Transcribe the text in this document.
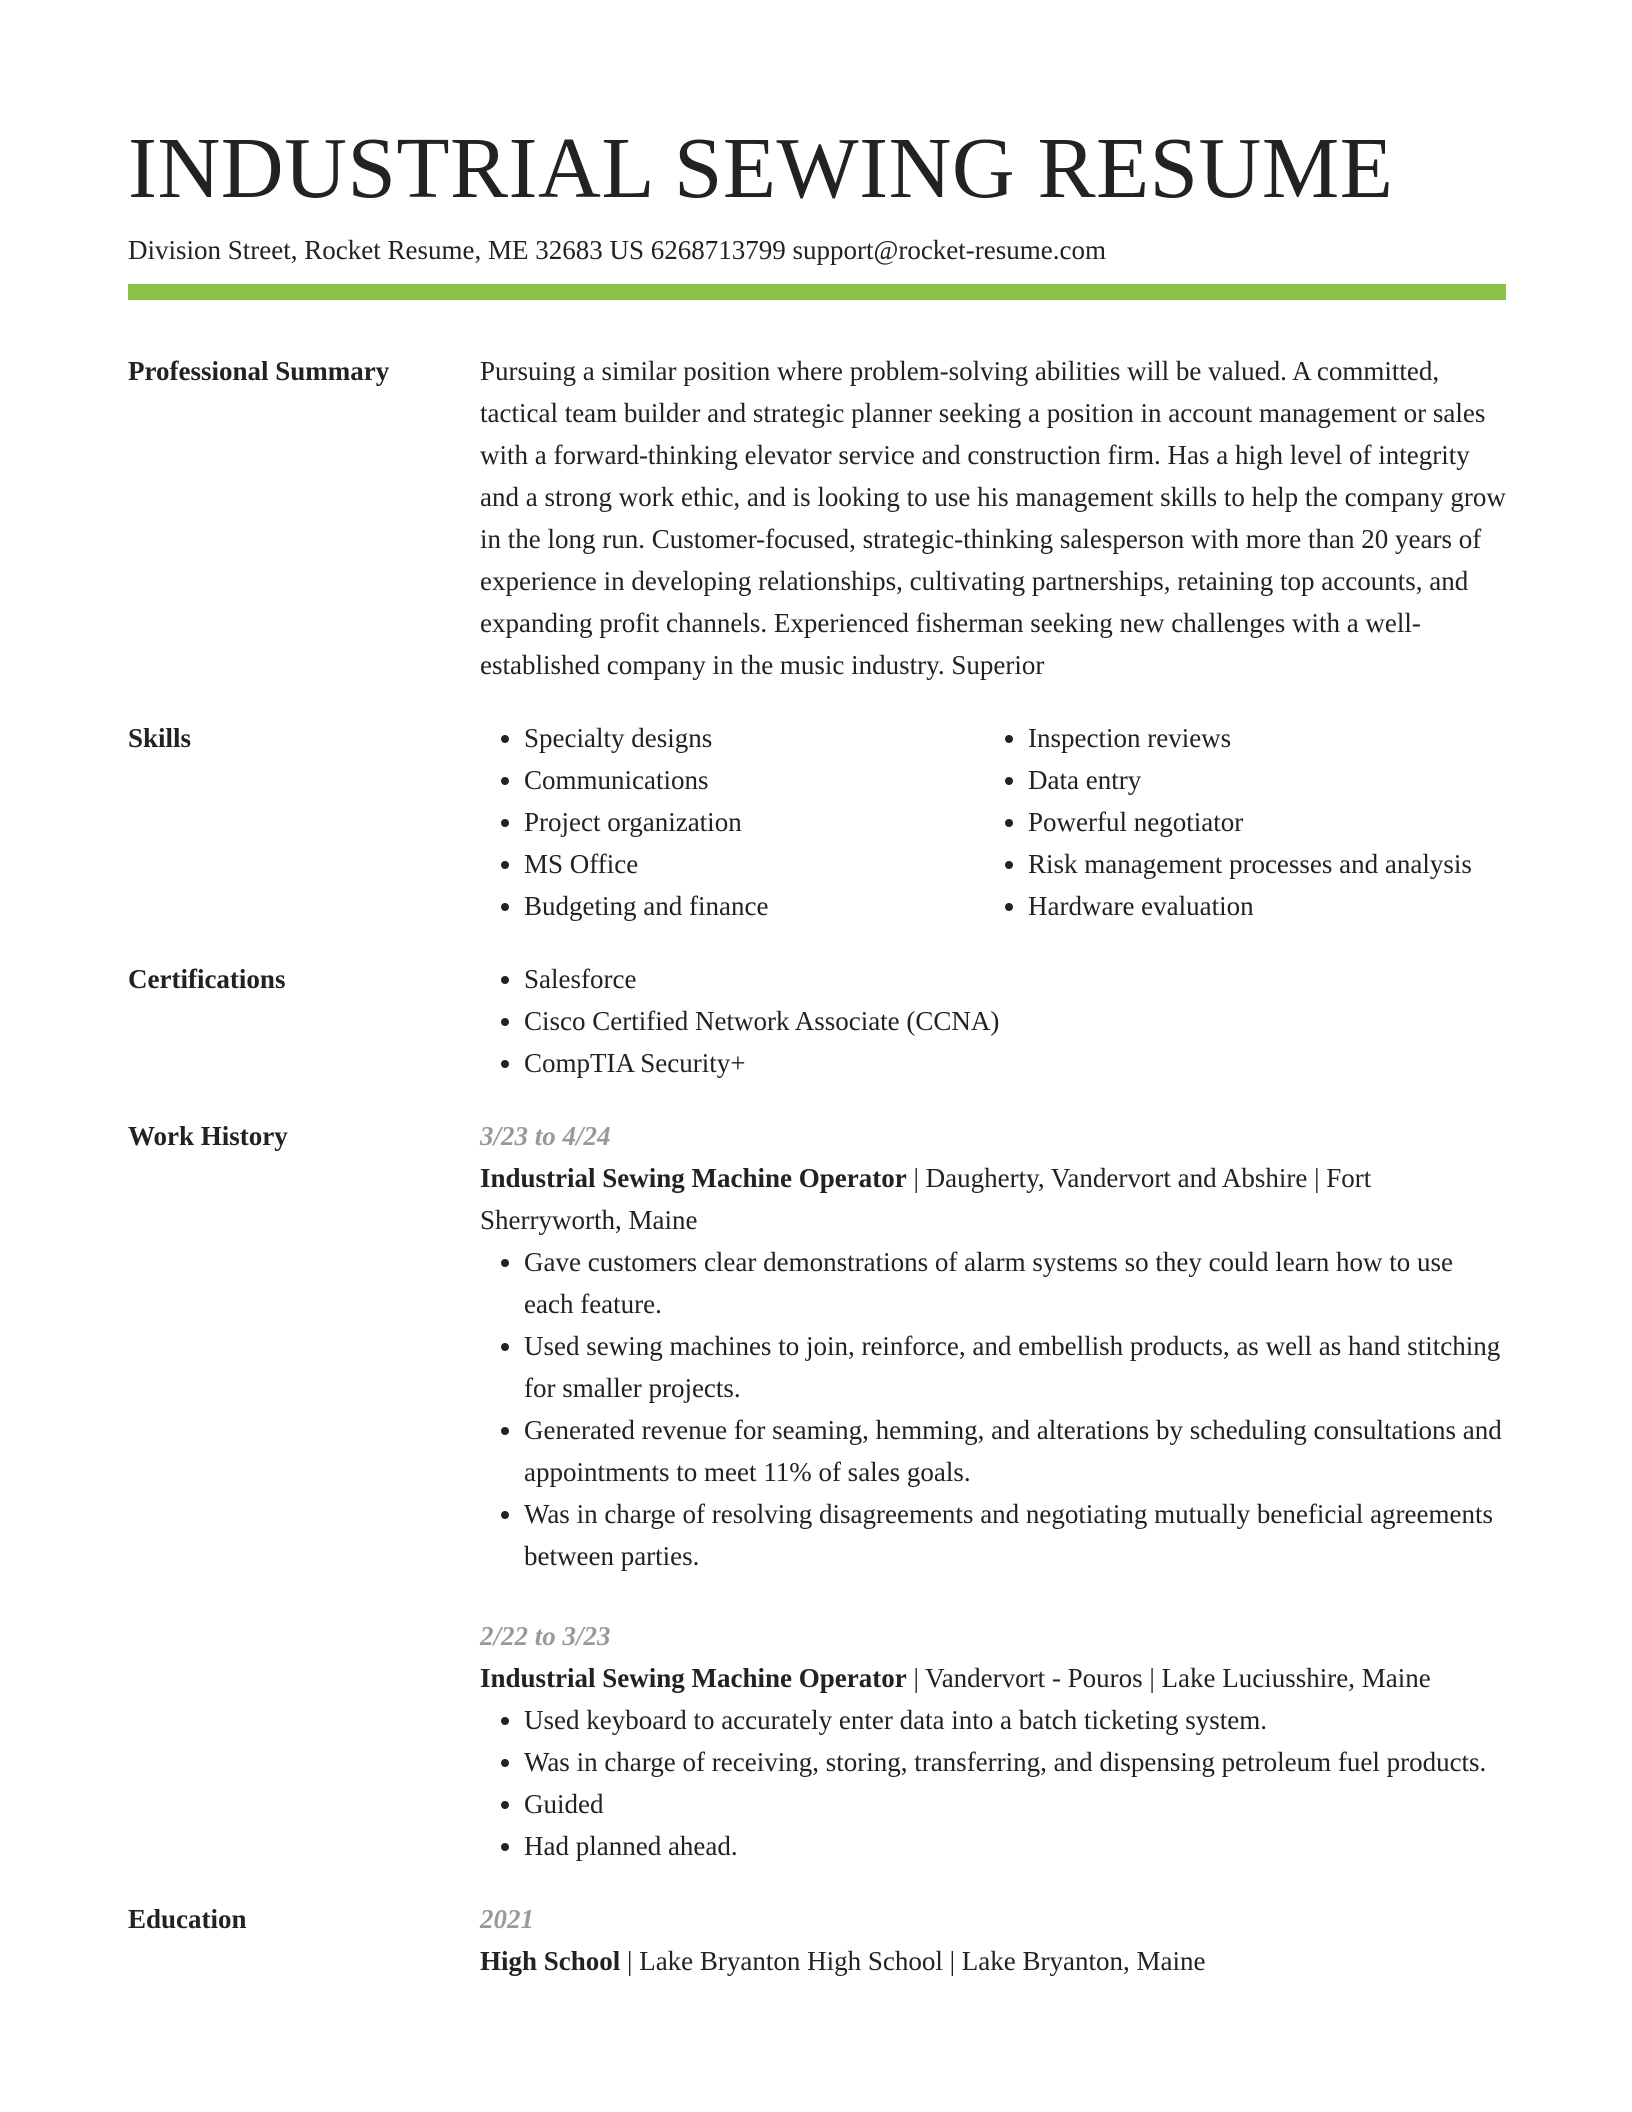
INDUSTRIAL SEWING RESUME
Division Street, Rocket Resume, ME 32683 US 6268713799 support@rocket-resume.com
Professional Summary	Pursuing a similar position where problem-solving abilities will be valued. A committed, tactical team builder and strategic planner seeking a position in account management or sales with a forward-thinking elevator service and construction firm. Has a high level of integrity and a strong work ethic, and is looking to use his management skills to help the company grow in the long run. Customer-focused, strategic-thinking salesperson with more than 20 years of experience in developing relationships, cultivating partnerships, retaining top accounts, and expanding profit channels. Experienced fisherman seeking new challenges with a well-established company in the music industry. Superior

Skills	• Specialty designs
• Communications
• Project organization
• MS Office
• Budgeting and finance
• Inspection reviews
• Data entry
• Powerful negotiator
• Risk management processes and analysis
• Hardware evaluation
Certifications	• Salesforce
• Cisco Certified Network Associate (CCNA)
• CompTIA Security+
Work History	3/23 to 4/24
Industrial Sewing Machine Operator | Daugherty, Vandervort and Abshire | Fort Sherryworth, Maine
• Gave customers clear demonstrations of alarm systems so they could learn how to use each feature.
• Used sewing machines to join, reinforce, and embellish products, as well as hand stitching for smaller projects.
• Generated revenue for seaming, hemming, and alterations by scheduling consultations and appointments to meet 11% of sales goals.
• Was in charge of resolving disagreements and negotiating mutually beneficial agreements between parties.
2/22 to 3/23
Industrial Sewing Machine Operator | Vandervort - Pouros | Lake Luciusshire, Maine
• Used keyboard to accurately enter data into a batch ticketing system.
• Was in charge of receiving, storing, transferring, and dispensing petroleum fuel products.
• Guided
• Had planned ahead.
Education	2021
High School | Lake Bryanton High School | Lake Bryanton, Maine
